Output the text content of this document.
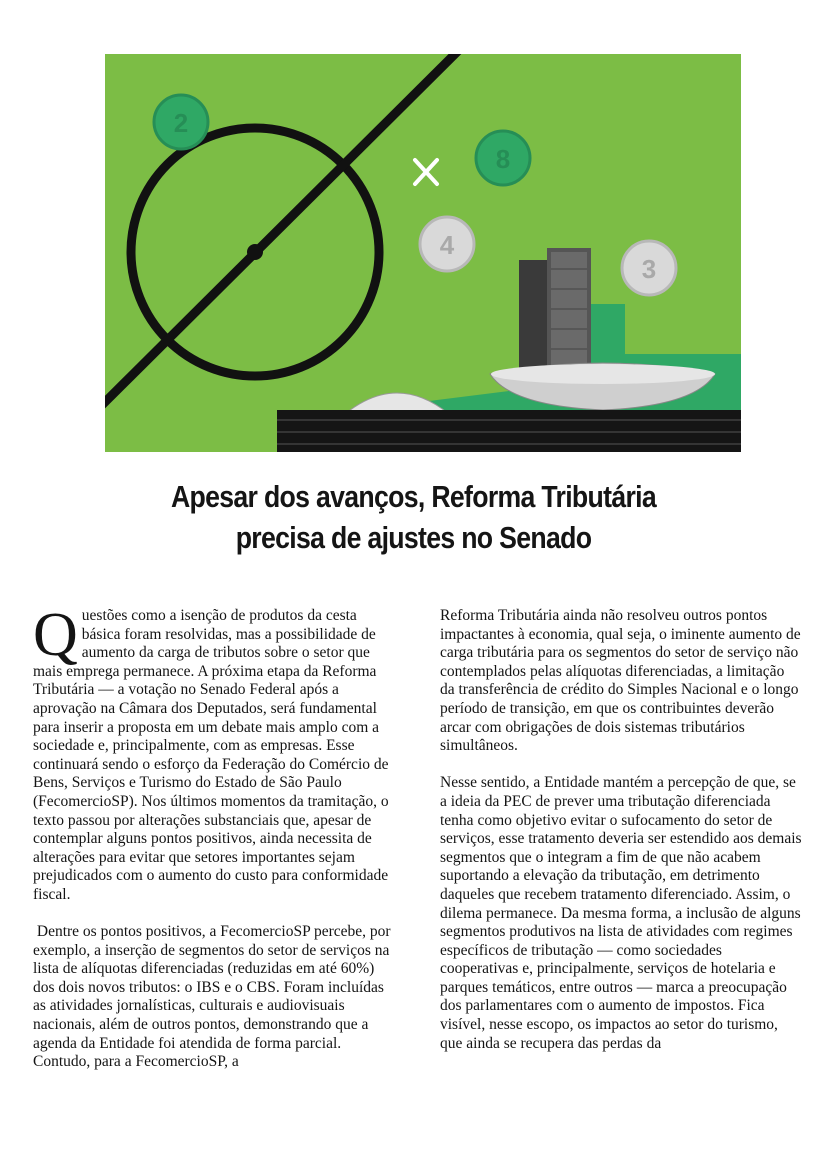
2
8
4
3
Apesar dos avanços, Reforma Tributária
precisa de ajustes no Senado

Questões como a isenção de produtos da cesta básica foram resolvidas, mas a possibilidade de aumento da carga de tributos sobre o setor que mais emprega permanece. A próxima etapa da Reforma Tributária — a votação no Senado Federal após a aprovação na Câmara dos Deputados, será fundamental para inserir a proposta em um debate mais amplo com a sociedade e, principalmente, com as empresas. Esse continuará sendo o esforço da Federação do Comércio de Bens, Serviços e Turismo do Estado de São Paulo (FecomercioSP). Nos últimos momentos da tramitação, o texto passou por alterações substanciais que, apesar de contemplar alguns pontos positivos, ainda necessita de alterações para evitar que setores importantes sejam prejudicados com o aumento do custo para conformidade fiscal.

Dentre os pontos positivos, a FecomercioSP percebe, por exemplo, a inserção de segmentos do setor de serviços na lista de alíquotas diferenciadas (reduzidas em até 60%) dos dois novos tributos: o IBS e o CBS. Foram incluídas as atividades jornalísticas, culturais e audiovisuais nacionais, além de outros pontos, demonstrando que a agenda da Entidade foi atendida de forma parcial. Contudo, para a FecomercioSP, a

Reforma Tributária ainda não resolveu outros pontos impactantes à economia, qual seja, o iminente aumento de carga tributária para os segmentos do setor de serviço não contemplados pelas alíquotas diferenciadas, a limitação da transferência de crédito do Simples Nacional e o longo período de transição, em que os contribuintes deverão arcar com obrigações de dois sistemas tributários simultâneos.

Nesse sentido, a Entidade mantém a percepção de que, se a ideia da PEC de prever uma tributação diferenciada tenha como objetivo evitar o sufocamento do setor de serviços, esse tratamento deveria ser estendido aos demais segmentos que o integram a fim de que não acabem suportando a elevação da tributação, em detrimento daqueles que recebem tratamento diferenciado. Assim, o dilema permanece. Da mesma forma, a inclusão de alguns segmentos produtivos na lista de atividades com regimes específicos de tributação — como sociedades cooperativas e, principalmente, serviços de hotelaria e parques temáticos, entre outros — marca a preocupação dos parlamentares com o aumento de impostos. Fica visível, nesse escopo, os impactos ao setor do turismo, que ainda se recupera das perdas da
